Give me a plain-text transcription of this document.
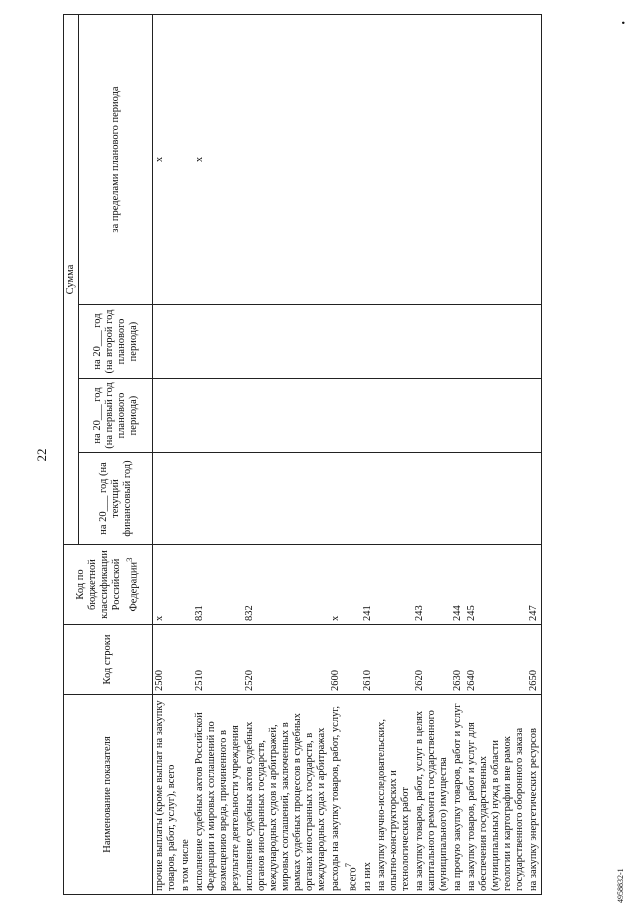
22
Наименование показателя	Код строки	Код по бюджетной классификации Российской Федерации$^3$	Сумма			
			на 20___ год (на текущий финансовый год)	на 20___ год (на первый год планового периода)	на 20___ год (на второй год планового периода)	за пределами планового периода

прочие выплаты (кроме выплат на закупку товаров, работ, услуг), всего	2500	x				x
в том числе						
исполнение судебных актов Российской Федерации и мировых соглашений по возмещению вреда, причиненного в результате деятельности учреждения	2510	831				x
исполнение судебных актов судебных органов иностранных государств, международных судов и арбитражей, мировых соглашений, заключенных в рамках судебных процессов в судебных органах иностранных государств, в международных судах и арбитражах	2520	832				
расходы на закупку товаров, работ, услуг, всего$^7$	2600	x				
из них	2610	241				
на закупку научно-исследовательских, опытно-конструкторских и технологических работ						
на закупку товаров, работ, услуг в целях капитального ремонта государственного (муниципального) имущества	2620	243				
на прочую закупку товаров, работ и услуг	2630	244				
на закупку товаров, работ и услуг для обеспечения государственных (муниципальных) нужд в области геологии и картографии вне рамок государственного оборонного заказа	2640	245				
на закупку энергетических ресурсов	2650	247				
4958832-1
•
